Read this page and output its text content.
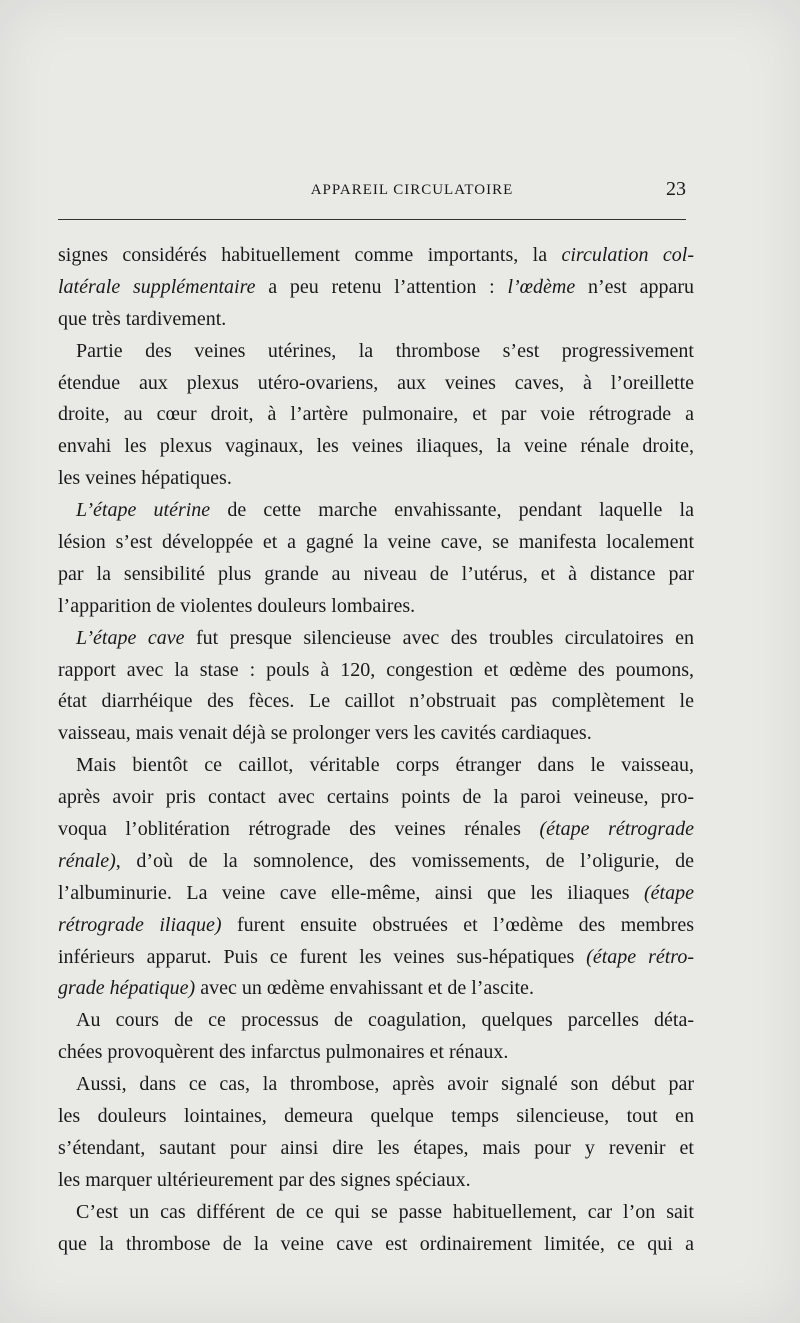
APPAREIL CIRCULATOIRE	23
signes considérés habituellement comme importants, la circulation col-
latérale supplémentaire a peu retenu l’attention : l’œdème n’est apparu
que très tardivement.
Partie des veines utérines, la thrombose s’est progressivement
étendue aux plexus utéro-ovariens, aux veines caves, à l’oreillette
droite, au cœur droit, à l’artère pulmonaire, et par voie rétrograde a
envahi les plexus vaginaux, les veines iliaques, la veine rénale droite,
les veines hépatiques.
L’étape utérine de cette marche envahissante, pendant laquelle la
lésion s’est développée et a gagné la veine cave, se manifesta localement
par la sensibilité plus grande au niveau de l’utérus, et à distance par
l’apparition de violentes douleurs lombaires.
L’étape cave fut presque silencieuse avec des troubles circulatoires en
rapport avec la stase : pouls à 120, congestion et œdème des poumons,
état diarrhéique des fèces. Le caillot n’obstruait pas complètement le
vaisseau, mais venait déjà se prolonger vers les cavités cardiaques.
Mais bientôt ce caillot, véritable corps étranger dans le vaisseau,
après avoir pris contact avec certains points de la paroi veineuse, pro-
voqua l’oblitération rétrograde des veines rénales (étape rétrograde
rénale), d’où de la somnolence, des vomissements, de l’oligurie, de
l’albuminurie. La veine cave elle-même, ainsi que les iliaques (étape
rétrograde iliaque) furent ensuite obstruées et l’œdème des membres
inférieurs apparut. Puis ce furent les veines sus-hépatiques (étape rétro-
grade hépatique) avec un œdème envahissant et de l’ascite.
Au cours de ce processus de coagulation, quelques parcelles déta-
chées provoquèrent des infarctus pulmonaires et rénaux.
Aussi, dans ce cas, la thrombose, après avoir signalé son début par
les douleurs lointaines, demeura quelque temps silencieuse, tout en
s’étendant, sautant pour ainsi dire les étapes, mais pour y revenir et
les marquer ultérieurement par des signes spéciaux.
C’est un cas différent de ce qui se passe habituellement, car l’on sait
que la thrombose de la veine cave est ordinairement limitée, ce qui a
